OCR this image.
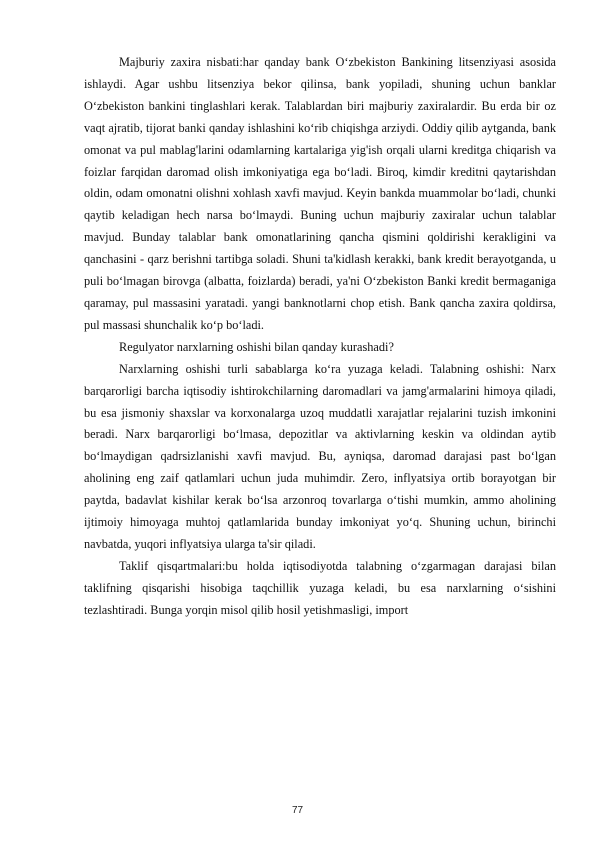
Majburiy zaxira nisbati:har qanday bank O‘zbekiston Bankining litsenziyasi asosida ishlaydi. Agar ushbu litsenziya bekor qilinsa, bank yopiladi, shuning uchun banklar O‘zbekiston bankini tinglashlari kerak. Talablardan biri majburiy zaxiralardir. Bu erda bir oz vaqt ajratib, tijorat banki qanday ishlashini ko‘rib chiqishga arziydi. Oddiy qilib aytganda, bank omonat va pul mablag'larini odamlarning kartalariga yig'ish orqali ularni kreditga chiqarish va foizlar farqidan daromad olish imkoniyatiga ega bo‘ladi. Biroq, kimdir kreditni qaytarishdan oldin, odam omonatni olishni xohlash xavfi mavjud. Keyin bankda muammolar bo‘ladi, chunki qaytib keladigan hech narsa bo‘lmaydi. Buning uchun majburiy zaxiralar uchun talablar mavjud. Bunday talablar bank omonatlarining qancha qismini qoldirishi kerakligini va qanchasini - qarz berishni tartibga soladi. Shuni ta'kidlash kerakki, bank kredit berayotganda, u puli bo‘lmagan birovga (albatta, foizlarda) beradi, ya'ni O‘zbekiston Banki kredit bermaganiga qaramay, pul massasini yaratadi. yangi banknotlarni chop etish. Bank qancha zaxira qoldirsa, pul massasi shunchalik ko‘p bo‘ladi.

Regulyator narxlarning oshishi bilan qanday kurashadi?

Narxlarning oshishi turli sabablarga ko‘ra yuzaga keladi. Talabning oshishi: Narx barqarorligi barcha iqtisodiy ishtirokchilarning daromadlari va jamg'armalarini himoya qiladi, bu esa jismoniy shaxslar va korxonalarga uzoq muddatli xarajatlar rejalarini tuzish imkonini beradi. Narx barqarorligi bo‘lmasa, depozitlar va aktivlarning keskin va oldindan aytib bo‘lmaydigan qadrsizlanishi xavfi mavjud. Bu, ayniqsa, daromad darajasi past bo‘lgan aholining eng zaif qatlamlari uchun juda muhimdir. Zero, inflyatsiya ortib borayotgan bir paytda, badavlat kishilar kerak bo‘lsa arzonroq tovarlarga o‘tishi mumkin, ammo aholining ijtimoiy himoyaga muhtoj qatlamlarida bunday imkoniyat yo‘q. Shuning uchun, birinchi navbatda, yuqori inflyatsiya ularga ta'sir qiladi.

Taklif qisqartmalari:bu holda iqtisodiyotda talabning o‘zgarmagan darajasi bilan taklifning qisqarishi hisobiga taqchillik yuzaga keladi, bu esa narxlarning o‘sishini tezlashtiradi. Bunga yorqin misol qilib hosil yetishmasligi, import

77
